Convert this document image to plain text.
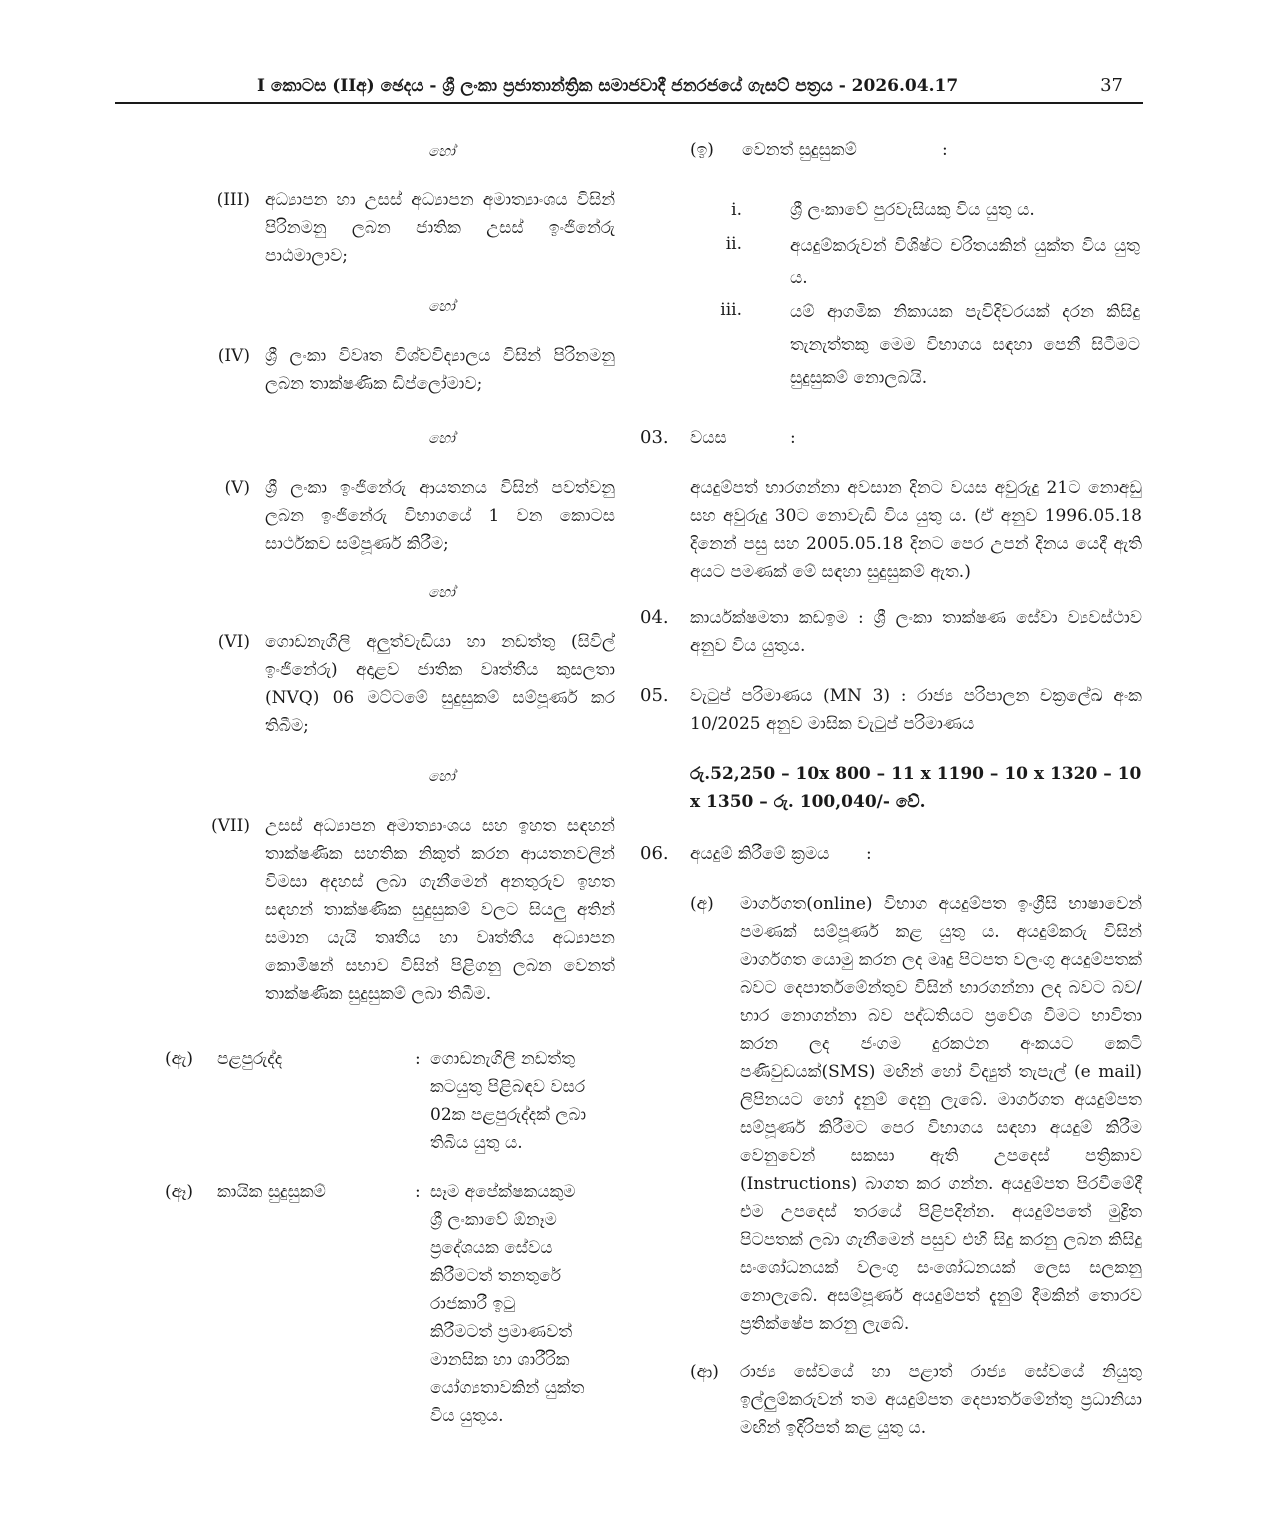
I කොටස (IIඅ) ඡෙදය - ශ්‍රී ලංකා ප්‍රජාතාන්ත්‍රික සමාජවාදී ජනරජයේ ගැසට් පත්‍රය - 2026.04.17	37
හෝ
(III) අධ්‍යාපන හා උසස් අධ්‍යාපන අමාත්‍යාංශය විසින් පිරිනමනු ලබන ජාතික උසස් ඉංජිනේරු පාඨමාලාව;
හෝ
(IV) ශ්‍රී ලංකා විවෘත විශ්වවිද්‍යාලය විසින් පිරිනමනු ලබන තාක්ෂණික ඩිප්ලෝමාව;
හෝ
(V) ශ්‍රී ලංකා ඉංජිනේරු ආයතනය විසින් පවත්වනු ලබන ඉංජිනේරු විභාගයේ 1 වන කොටස සාර්ථකව සම්පූර්ණ කිරීම;
හෝ
(VI) ගොඩනැගිලි අලුත්වැඩියා හා නඩත්තු (සිවිල් ඉංජිනේරු) අදාළව ජාතික වෘත්තීය කුසලතා (NVQ) 06 මට්ටමේ සුදුසුකම් සම්පූර්ණ කර තිබීම;
හෝ
(VII) උසස් අධ්‍යාපන අමාත්‍යාංශය සහ ඉහත සඳහන් තාක්ෂණික සහතික නිකුත් කරන ආයතනවලින් විමසා අදහස් ලබා ගැනීමෙන් අනතුරුව ඉහත සඳහන් තාක්ෂණික සුදුසුකම් වලට සියලු අතින් සමාන යැයි තෘතීය හා වෘත්තීය අධ්‍යාපන කොමිෂන් සභාව විසින් පිළිගනු ලබන වෙනත් තාක්ෂණික සුදුසුකම් ලබා තිබීම.
(ඇ) පළපුරුද්ද	: ගොඩනැගිලි නඩත්තු
කටයුතු පිළිබඳව වසර
02ක පළපුරුද්දක් ලබා
තිබිය යුතු ය.
(ඈ) කායික සුදුසුකම්	: සෑම අපේක්ෂකයකුම
ශ්‍රී ලංකාවේ ඕනෑම
ප්‍රදේශයක සේවය
කිරීමටත් තනතුරේ
රාජකාරී ඉටු
කිරීමටත් ප්‍රමාණවත්
මානසික හා ශාරීරික
යෝග්‍යතාවකින් යුක්ත
විය යුතුය.
(ඉ) වෙනත් සුදුසුකම්	:
i.	ශ්‍රී ලංකාවේ පුරවැසියකු විය යුතු ය.
ii.	අයදුම්කරුවන් විශිෂ්ට චරිතයකින් යුක්ත විය යුතු ය.
iii.	යම් ආගමික නිකායක පැවිදිවරයක් දරන කිසිදු තැනැත්තකු මෙම විභාගය සඳහා පෙනී සිටීමට සුදුසුකම් නොලබයි.
03. වයස	:
අයදුම්පත් භාරගන්නා අවසාන දිනට වයස අවුරුදු 21ට නොඅඩු සහ අවුරුදු 30ට නොවැඩි විය යුතු ය. (ඒ අනුව 1996.05.18 දිනෙන් පසු සහ 2005.05.18 දිනට පෙර උපන් දිනය යෙදී ඇති අයට පමණක් මේ සඳහා සුදුසුකම් ඇත.)
04. කාර්යක්ෂමතා කඩඉම : ශ්‍රී ලංකා තාක්ෂණ සේවා ව්‍යවස්ථාව අනුව විය යුතුය.
05. වැටුප් පරිමාණය (MN 3) : රාජ්‍ය පරිපාලන චක්‍රලේඛ අංක 10/2025 අනුව මාසික වැටුප් පරිමාණය
රු.52,250 – 10x 800 – 11 x 1190 – 10 x 1320 – 10 x 1350 – රු. 100,040/- වේ.
06. අයදුම් කිරීමේ ක්‍රමය :
(අ) මාර්ගගත(online) විභාග අයදුම්පත ඉංග්‍රීසි භාෂාවෙන් පමණක් සම්පූර්ණ කළ යුතු ය. අයදුම්කරු විසින් මාර්ගගත යොමු කරන ලද මෘදු පිටපත වලංගු අයදුම්පතක් බවට දෙපාර්තමේන්තුව විසින් භාරගන්නා ලද බවට බව/භාර නොගන්නා බව පද්ධතියට ප්‍රවේශ වීමට භාවිතා කරන ලද ජංගම දුරකථන අංකයට කෙටි පණිවුඩයක්(SMS) මඟින් හෝ විද්‍යුත් තැපැල් (e mail) ලිපිනයට හෝ දැනුම් දෙනු ලැබේ. මාර්ගගත අයදුම්පත සම්පූර්ණ කිරීමට පෙර විභාගය සඳහා අයදුම් කිරීම වෙනුවෙන් සකසා ඇති උපදෙස් පත්‍රිකාව (Instructions) බාගත කර ගන්න. අයදුම්පත පිරවීමේදී එම උපදෙස් තරයේ පිළිපදින්න. අයදුම්පතේ මුද්‍රිත පිටපතක් ලබා ගැනීමෙන් පසුව එහි සිදු කරනු ලබන කිසිදු සංශෝධනයක් වලංගු සංශෝධනයක් ලෙස සලකනු නොලැබේ. අසම්පූර්ණ අයදුම්පත් දැනුම් දීමකින් තොරව ප්‍රතික්ෂේප කරනු ලැබේ.
(ආ) රාජ්‍ය සේවයේ හා පළාත් රාජ්‍ය සේවයේ නියුතු ඉල්ලුම්කරුවන් තම අයදුම්පත දෙපාර්තමේන්තු ප්‍රධානියා මඟින් ඉදිරිපත් කළ යුතු ය.
